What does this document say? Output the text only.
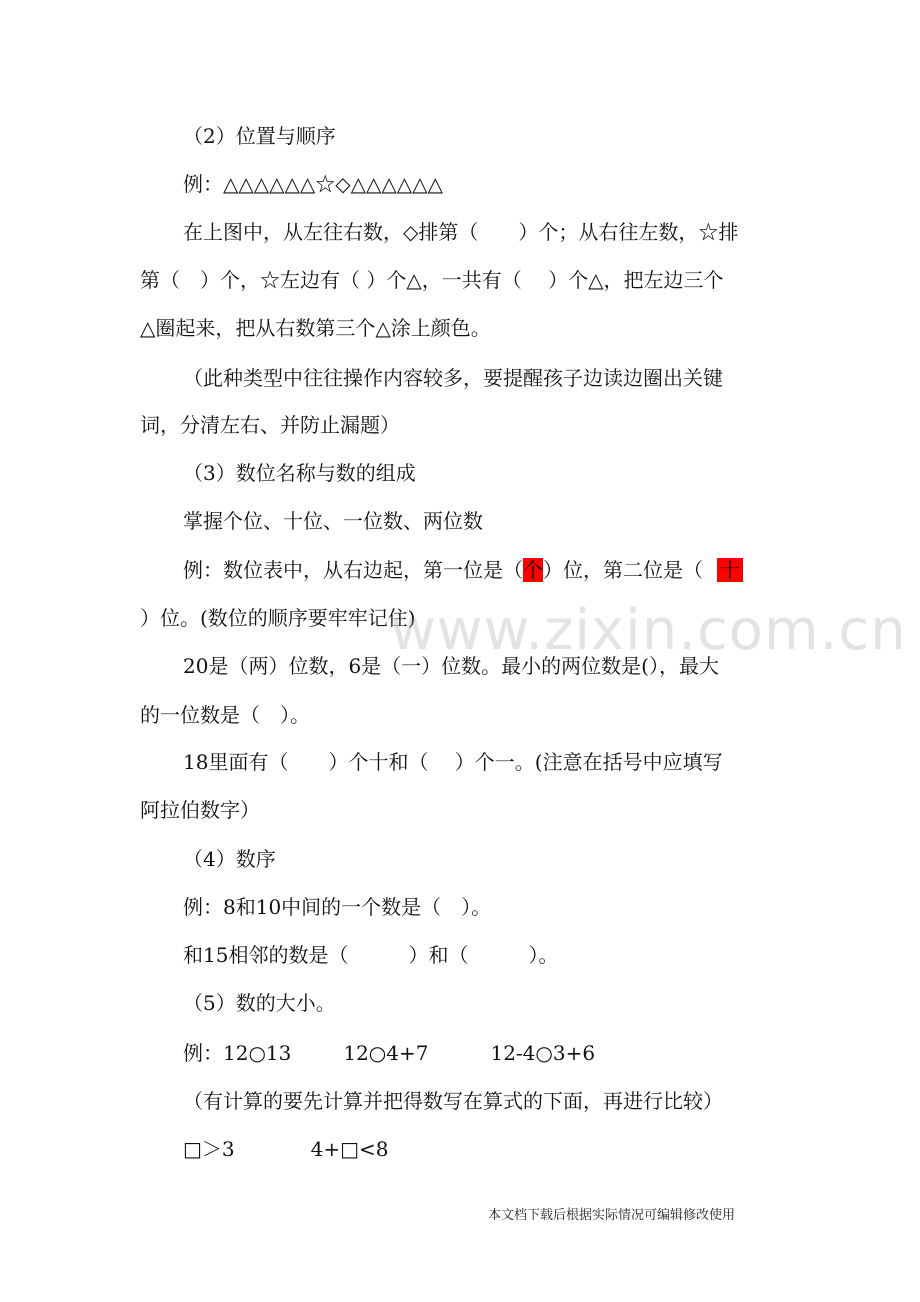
（2）位置与顺序
例：△△△△△△☆◇△△△△△△
在上图中，从左往右数，◇排第（　　）个；从右往左数，☆排
第（　）个，☆左边有（ ）个△，一共有（　 ）个△，把左边三个
△圈起来，把从右数第三个△涂上颜色。
（此种类型中往往操作内容较多，要提醒孩子边读边圈出关键
词，分清左右、并防止漏题）
（3）数位名称与数的组成
掌握个位、十位、一位数、两位数
例：数位表中，从右边起，第一位是（个）位，第二位是（ 十
）位。(数位的顺序要牢牢记住)
20是（两）位数，6是（一）位数。最小的两位数是(），最大
的一位数是（　）。
18里面有（　　）个十和（　 ）个一。(注意在括号中应填写
阿拉伯数字）
（4）数序
例：8和10中间的一个数是（　）。
和15相邻的数是（　　　）和（　　　）。
（5）数的大小。
例：12○13	12○4+7	12-4○3+6
（有计算的要先计算并把得数写在算式的下面，再进行比较）
□＞3	4+□<8
www.zixin.com.cn
本文档下载后根据实际情况可编辑修改使用
